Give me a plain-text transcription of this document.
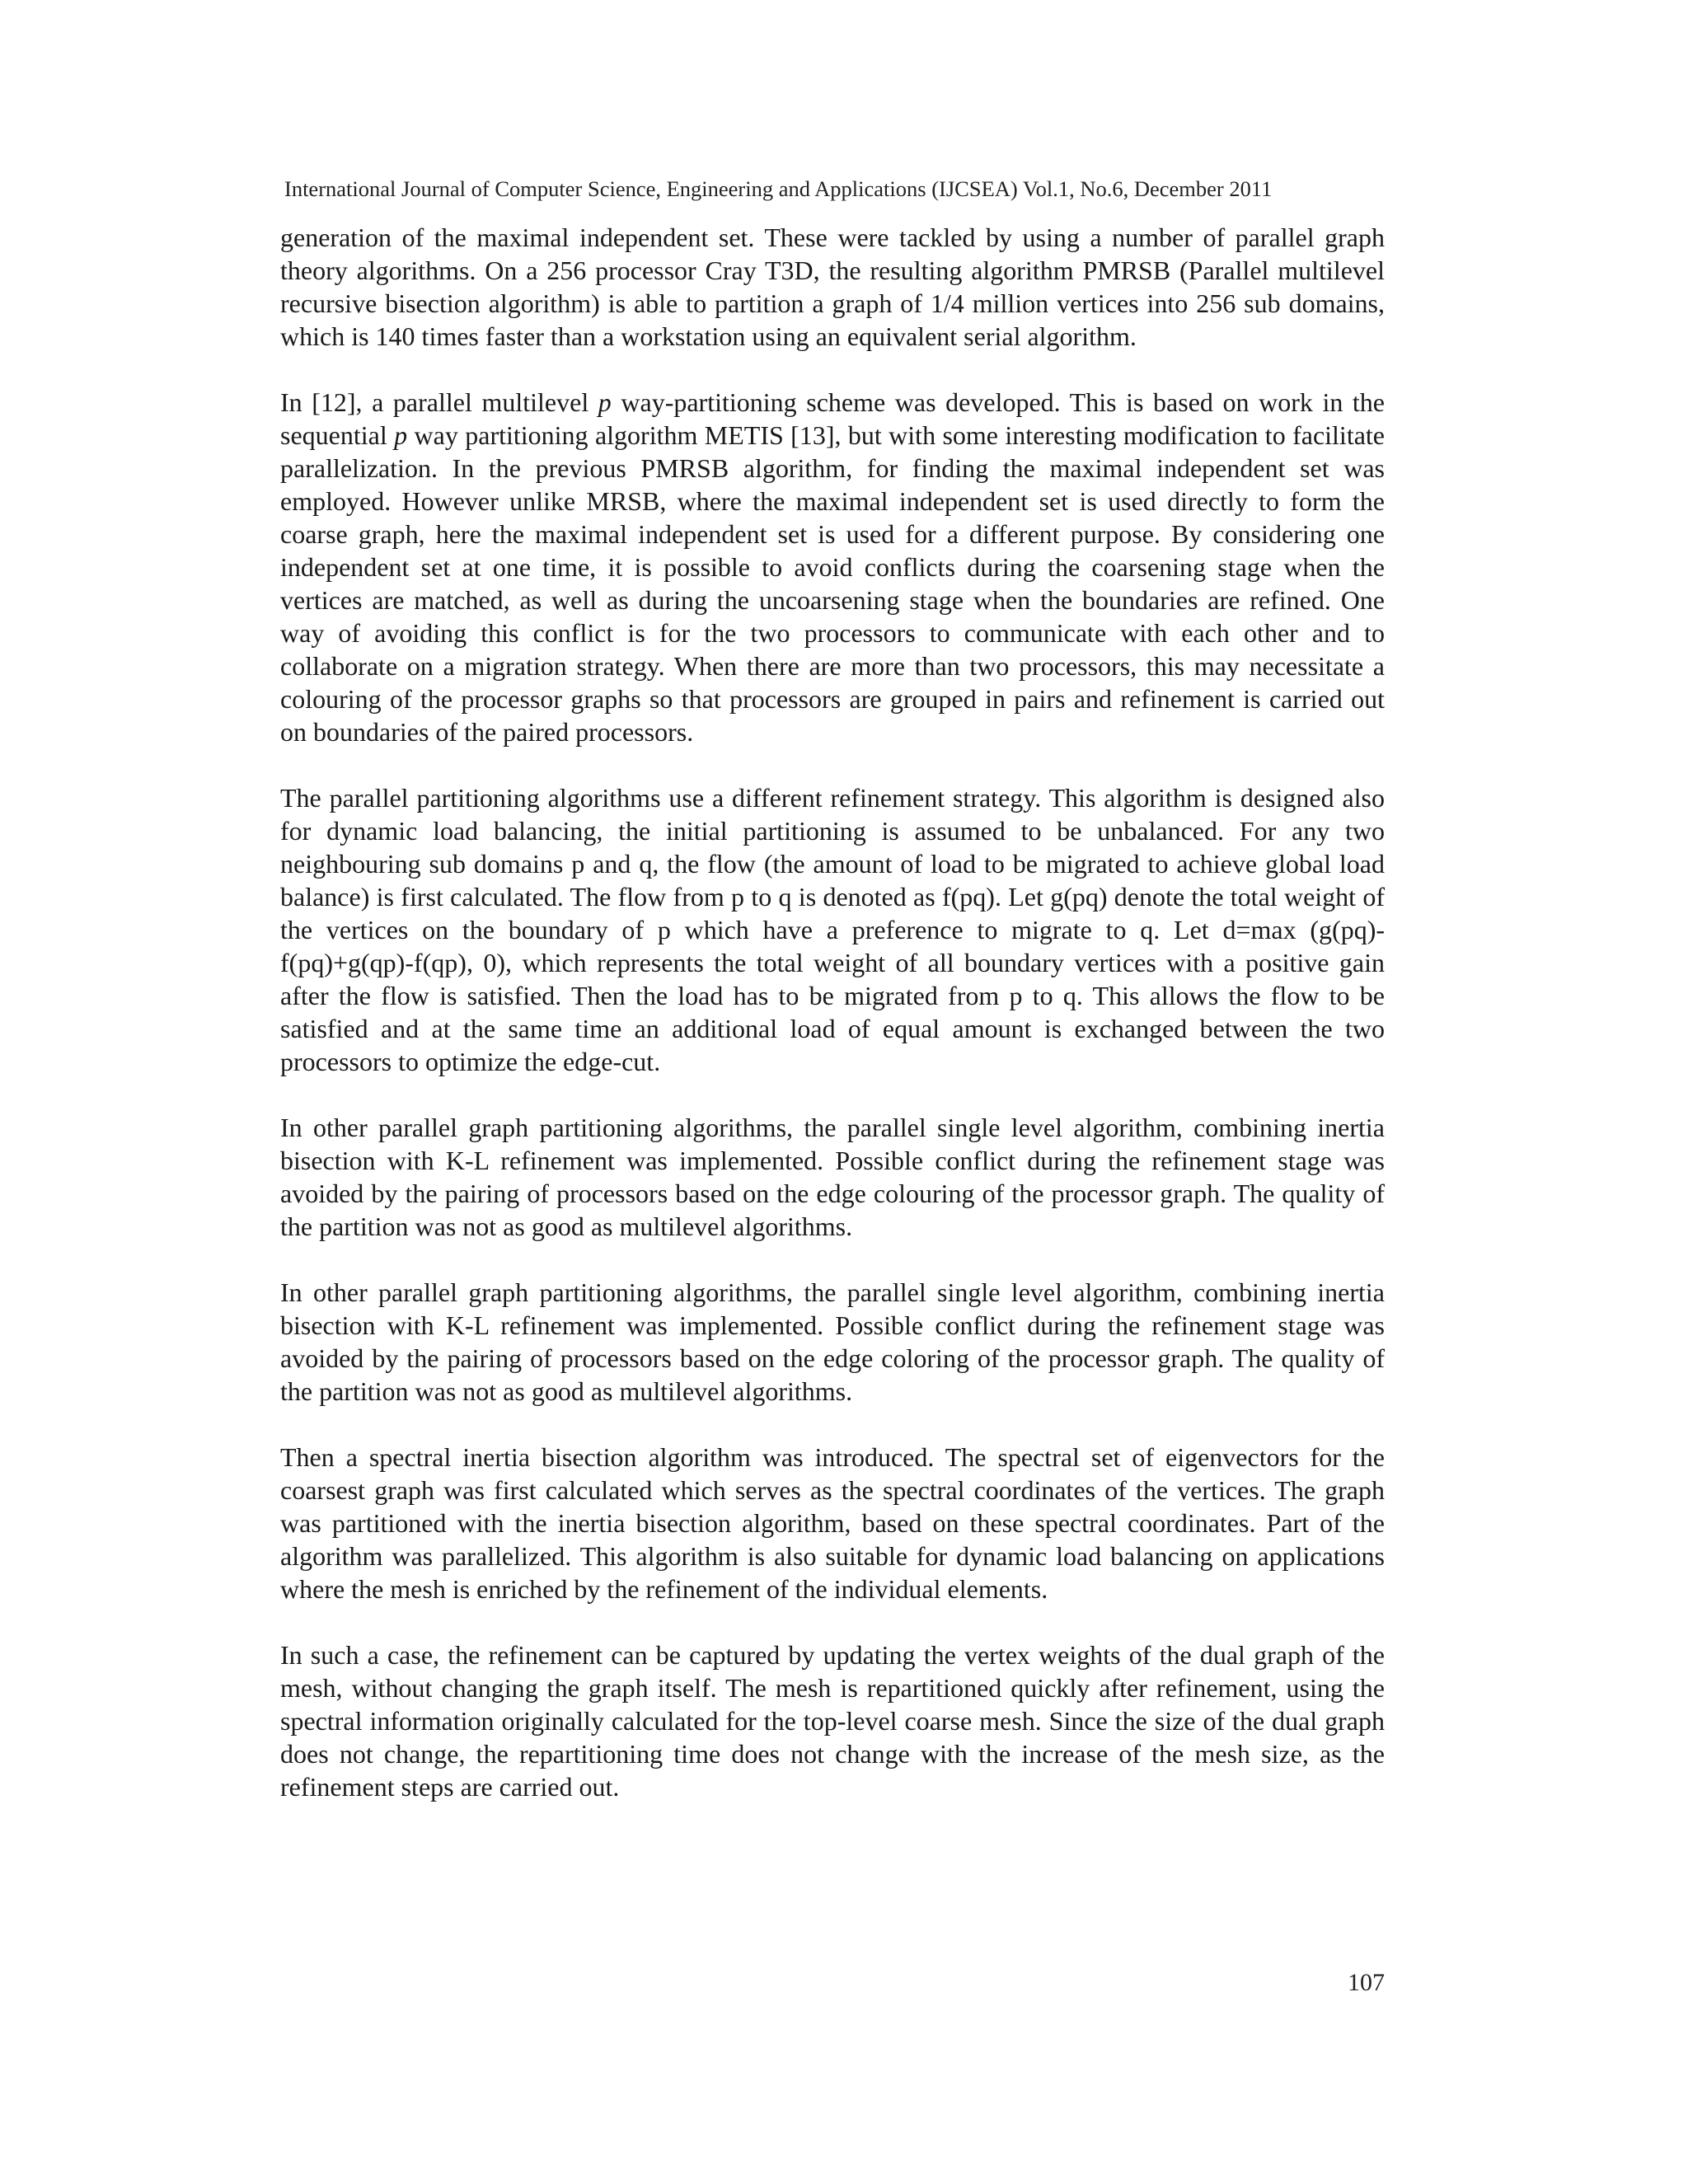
International Journal of Computer Science, Engineering and Applications (IJCSEA) Vol.1, No.6, December 2011

generation of the maximal independent set. These were tackled by using a number of parallel graph theory algorithms. On a 256 processor Cray T3D, the resulting algorithm PMRSB (Parallel multilevel recursive bisection algorithm) is able to partition a graph of 1/4 million vertices into 256 sub domains, which is 140 times faster than a workstation using an equivalent serial algorithm.

In [12], a parallel multilevel p way-partitioning scheme was developed. This is based on work in the sequential p way partitioning algorithm METIS [13], but with some interesting modification to facilitate parallelization. In the previous PMRSB algorithm, for finding the maximal independent set was employed. However unlike MRSB, where the maximal independent set is used directly to form the coarse graph, here the maximal independent set is used for a different purpose. By considering one independent set at one time, it is possible to avoid conflicts during the coarsening stage when the vertices are matched, as well as during the uncoarsening stage when the boundaries are refined. One way of avoiding this conflict is for the two processors to communicate with each other and to collaborate on a migration strategy. When there are more than two processors, this may necessitate a colouring of the processor graphs so that processors are grouped in pairs and refinement is carried out on boundaries of the paired processors.

The parallel partitioning algorithms use a different refinement strategy. This algorithm is designed also for dynamic load balancing, the initial partitioning is assumed to be unbalanced. For any two neighbouring sub domains p and q, the flow (the amount of load to be migrated to achieve global load balance) is first calculated. The flow from p to q is denoted as f(pq). Let g(pq) denote the total weight of the vertices on the boundary of p which have a preference to migrate to q. Let d=max (g(pq)-f(pq)+g(qp)-f(qp), 0), which represents the total weight of all boundary vertices with a positive gain after the flow is satisfied. Then the load has to be migrated from p to q. This allows the flow to be satisfied and at the same time an additional load of equal amount is exchanged between the two processors to optimize the edge-cut.

In other parallel graph partitioning algorithms, the parallel single level algorithm, combining inertia bisection with K-L refinement was implemented. Possible conflict during the refinement stage was avoided by the pairing of processors based on the edge colouring of the processor graph. The quality of the partition was not as good as multilevel algorithms.

In other parallel graph partitioning algorithms, the parallel single level algorithm, combining inertia bisection with K-L refinement was implemented. Possible conflict during the refinement stage was avoided by the pairing of processors based on the edge coloring of the processor graph. The quality of the partition was not as good as multilevel algorithms.

Then a spectral inertia bisection algorithm was introduced. The spectral set of eigenvectors for the coarsest graph was first calculated which serves as the spectral coordinates of the vertices. The graph was partitioned with the inertia bisection algorithm, based on these spectral coordinates. Part of the algorithm was parallelized. This algorithm is also suitable for dynamic load balancing on applications where the mesh is enriched by the refinement of the individual elements.

In such a case, the refinement can be captured by updating the vertex weights of the dual graph of the mesh, without changing the graph itself. The mesh is repartitioned quickly after refinement, using the spectral information originally calculated for the top-level coarse mesh. Since the size of the dual graph does not change, the repartitioning time does not change with the increase of the mesh size, as the refinement steps are carried out.

107
